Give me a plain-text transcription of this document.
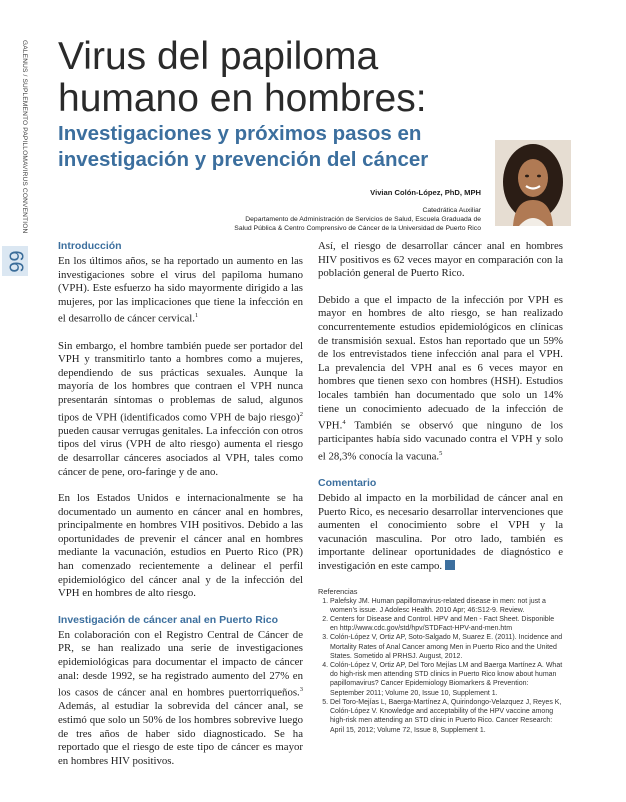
GALENUS / SUPLEMENTO PAPILLOMAVIRUS CONVENTION
66
Virus del papiloma humano en hombres:
Investigaciones y próximos pasos en investigación y prevención del cáncer
Vivian Colón-López, PhD, MPH
Catedrática Auxiliar
Departamento de Administración de Servicios de Salud, Escuela Graduada de
Salud Pública & Centro Comprensivo de Cáncer de la Universidad de Puerto Rico
Introducción

En los últimos años, se ha reportado un aumento en las investigaciones sobre el virus del papiloma humano (VPH). Este esfuerzo ha sido mayormente dirigido a las mujeres, por las implicaciones que tiene la infección en el desarrollo de cáncer cervical.$^1$

Sin embargo, el hombre también puede ser portador del VPH y transmitirlo tanto a hombres como a mujeres, dependiendo de sus prácticas sexuales. Aunque la mayoría de los hombres que contraen el VPH nunca presentarán síntomas o problemas de salud, algunos tipos de VPH (identificados como VPH de bajo riesgo)$^2$ pueden causar verrugas genitales. La infección con otros tipos del virus (VPH de alto riesgo) aumenta el riesgo de desarrollar cánceres asociados al VPH, tales como cáncer de pene, oro-faringe y de ano.

En los Estados Unidos e internacionalmente se ha documentado un aumento en cáncer anal en hombres, principalmente en hombres VIH positivos. Debido a las oportunidades de prevenir el cáncer anal en hombres mediante la vacunación, estudios en Puerto Rico (PR) han comenzado recientemente a delinear el perfil epidemiológico del cáncer anal y de la infección del VPH en hombres de alto riesgo.

Investigación de cáncer anal en Puerto Rico

En colaboración con el Registro Central de Cáncer de PR, se han realizado una serie de investigaciones epidemiológicas para documentar el impacto de cáncer anal: desde 1992, se ha registrado aumento del 27% en los casos de cáncer anal en hombres puertorriqueños.$^3$ Además, al estudiar la sobrevida del cáncer anal, se estimó que solo un 50% de los hombres sobrevive luego de tres años de haber sido diagnosticado. Se ha reportado que el riesgo de este tipo de cáncer es mayor en hombres HIV positivos.

Así, el riesgo de desarrollar cáncer anal en hombres HIV positivos es 62 veces mayor en comparación con la población general de Puerto Rico.

Debido a que el impacto de la infección por VPH es mayor en hombres de alto riesgo, se han realizado concurrentemente estudios epidemiológicos en clínicas de transmisión sexual. Estos han reportado que un 59% de los entrevistados tiene infección anal para el VPH. La prevalencia del VPH anal es 6 veces mayor en hombres que tienen sexo con hombres (HSH). Estudios locales también han documentado que solo un 14% tiene un conocimiento adecuado de la infección de VPH.$^4$ También se observó que ninguno de los participantes había sido vacunado contra el VPH y solo el 28,3% conocía la vacuna.$^5$

Comentario

Debido al impacto en la morbilidad de cáncer anal en Puerto Rico, es necesario desarrollar intervenciones que aumenten el conocimiento sobre el VPH y la vacunación masculina. Por otro lado, también es importante delinear oportunidades de diagnóstico e investigación en este campo.

Referencias
1. Palefsky JM. Human papillomavirus-related disease in men: not just a women's issue. J Adolesc Health. 2010 Apr; 46:S12-9. Review.
2. Centers for Disease and Control. HPV and Men - Fact Sheet. Disponible en http://www.cdc.gov/std/hpv/STDFact-HPV-and-men.htm
3. Colón-López V, Ortiz AP, Soto-Salgado M, Suarez E. (2011). Incidence and Mortality Rates of Anal Cancer among Men in Puerto Rico and the United States. Sometido al PRHSJ. August, 2012.
4. Colón-López V, Ortiz AP, Del Toro Mejías LM and Baerga Martínez A. What do high-risk men attending STD clinics in Puerto Rico know about human papillomavirus? Cancer Epidemiology Biomarkers & Prevention: September 2011; Volume 20, Issue 10, Supplement 1.
5. Del Toro-Mejías L, Baerga-Martínez A, Quirindongo-Velazquez J, Reyes K, Colón-López V. Knowledge and acceptability of the HPV vaccine among high-risk men attending an STD clinic in Puerto Rico. Cancer Research: April 15, 2012; Volume 72, Issue 8, Supplement 1.
